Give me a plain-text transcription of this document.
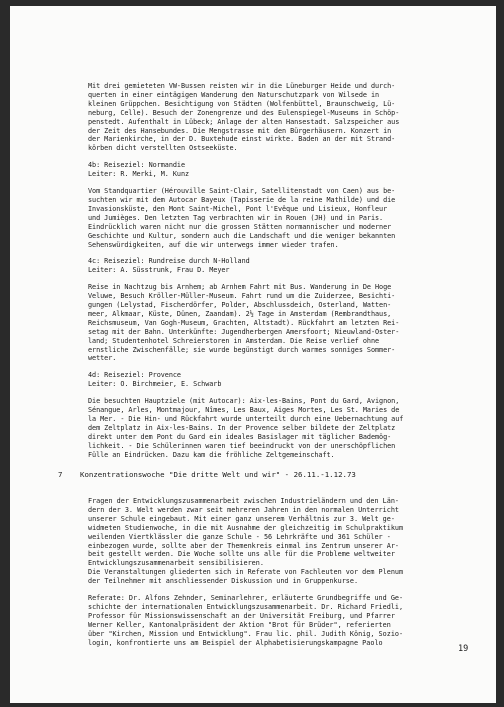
Mit drei gemieteten VW-Bussen reisten wir in die Lüneburger Heide und durch-
querten in einer eintägigen Wanderung den Naturschutzpark von Wilsede in
kleinen Grüppchen. Besichtigung von Städten (Wolfenbüttel, Braunschweig, Lü-
neburg, Celle). Besuch der Zonengrenze und des Eulenspiegel-Museums in Schöp-
penstedt. Aufenthalt in Lübeck; Anlage der alten Hansestadt. Salzspeicher aus
der Zeit des Hansebundes. Die Mengstrasse mit den Bürgerhäusern. Konzert in
der Marienkirche, in der D. Buxtehude einst wirkte. Baden an der mit Strand-
körben dicht verstellten Ostseeküste.

4b: Reiseziel: Normandie
Leiter: R. Merki, M. Kunz

Vom Standquartier (Hérouville Saint-Clair, Satellitenstadt von Caen) aus be-
suchten wir mit dem Autocar Bayeux (Tapisserie de la reine Mathilde) und die
Invasionsküste, den Mont Saint-Michel, Pont l'Evêque und Lisieux, Honfleur
und Jumièges. Den letzten Tag verbrachten wir in Rouen (JH) und in Paris.
Eindrücklich waren nicht nur die grossen Stätten normannischer und moderner
Geschichte und Kultur, sondern auch die Landschaft und die weniger bekannten
Sehenswürdigkeiten, auf die wir unterwegs immer wieder trafen.

4c: Reiseziel: Rundreise durch N-Holland
Leiter: A. Süsstrunk, Frau D. Meyer

Reise in Nachtzug bis Arnhem; ab Arnhem Fahrt mit Bus. Wanderung in De Hoge
Veluwe, Besuch Kröller-Müller-Museum. Fahrt rund um die Zuiderzee, Besichti-
gungen (Lelystad, Fischerdörfer, Polder, Abschlussdeich, Osterland, Watten-
meer, Alkmaar, Küste, Dünen, Zaandam). 2½ Tage in Amsterdam (Rembrandthaus,
Reichsmuseum, Van Gogh-Museum, Grachten, Altstadt). Rückfahrt am letzten Rei-
setag mit der Bahn. Unterkünfte: Jugendherbergen Amersfoort; Nieuwland-Oster-
land; Studentenhotel Schreierstoren in Amsterdam. Die Reise verlief ohne
ernstliche Zwischenfälle; sie wurde begünstigt durch warmes sonniges Sommer-
wetter.

4d: Reiseziel: Provence
Leiter: O. Birchmeier, E. Schwarb

Die besuchten Hauptziele (mit Autocar): Aix-les-Bains, Pont du Gard, Avignon,
Sénangue, Arles, Montmajour, Nîmes, Les Baux, Aiges Mortes, Les St. Maries de
la Mer. - Die Hin- und Rückfahrt wurde unterteilt durch eine Uebernachtung auf
dem Zeltplatz in Aix-les-Bains. In der Provence selber bildete der Zeltplatz
direkt unter dem Pont du Gard ein ideales Basislager mit täglicher Bademög-
lichkeit. - Die Schülerinnen waren tief beeindruckt von der unerschöpflichen
Fülle an Eindrücken. Dazu kam die fröhliche Zeltgemeinschaft.

7 Konzentrationswoche "Die dritte Welt und wir" - 26.11.-1.12.73

Fragen der Entwicklungszusammenarbeit zwischen Industrieländern und den Län-
dern der 3. Welt werden zwar seit mehreren Jahren in den normalen Unterricht
unserer Schule eingebaut. Mit einer ganz unserem Verhältnis zur 3. Welt ge-
widmeten Studienwoche, in die mit Ausnahme der gleichzeitig im Schulpraktikum
weilenden Viertklässler die ganze Schule - 56 Lehrkräfte und 361 Schüler -
einbezogen wurde, sollte aber der Themenkreis einmal ins Zentrum unserer Ar-
beit gestellt werden. Die Woche sollte uns alle für die Probleme weltweiter
Entwicklungszusammenarbeit sensibilisieren.
Die Veranstaltungen gliederten sich in Referate von Fachleuten vor dem Plenum
der Teilnehmer mit anschliessender Diskussion und in Gruppenkurse.

Referate: Dr. Alfons Zehnder, Seminarlehrer, erläuterte Grundbegriffe und Ge-
schichte der internationalen Entwicklungszusammenarbeit. Dr. Richard Friedli,
Professor für Missionswissenschaft an der Universität Freiburg, und Pfarrer
Werner Keller, Kantonalpräsident der Aktion "Brot für Brüder", referierten
über "Kirchen, Mission und Entwicklung". Frau lic. phil. Judith König, Sozio-
login, konfrontierte uns am Beispiel der Alphabetisierungskampagne Paolo

19
